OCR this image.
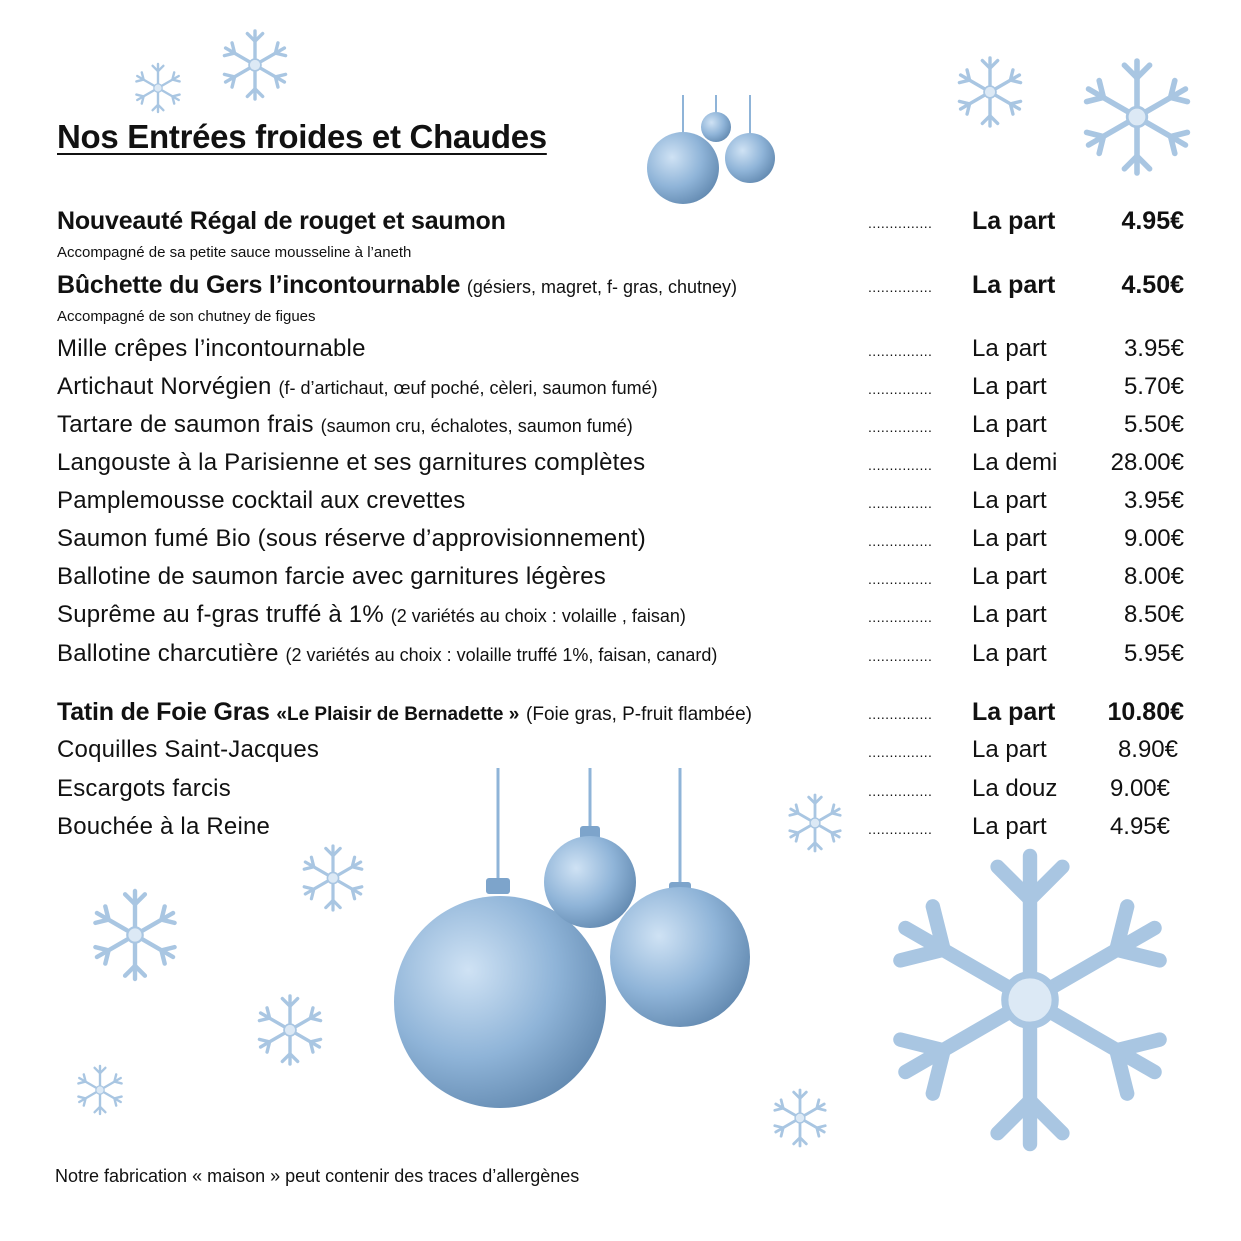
Nos Entrées froides et Chaudes
Nouveauté Régal de rouget et saumon	............... La part	4.95€
Accompagné de sa petite sauce mousseline à l’aneth
Bûchette du Gers l’incontournable (gésiers, magret, f- gras, chutney)	............... La part	4.50€
Accompagné de son chutney de figues
Mille crêpes l’incontournable	............... La part	3.95€
Artichaut Norvégien (f- d’artichaut, œuf poché, cèleri, saumon fumé)	............... La part	5.70€
Tartare de saumon frais (saumon cru, échalotes, saumon fumé)	............... La part	5.50€
Langouste à la Parisienne et ses garnitures complètes	............... La demi 28.00€
Pamplemousse cocktail aux crevettes	............... La part	3.95€
Saumon fumé Bio (sous réserve d’approvisionnement)	............... La part	9.00€
Ballotine de saumon farcie avec garnitures légères	............... La part	8.00€
Suprême au f-gras truffé à 1% (2 variétés au choix : volaille , faisan)	............... La part	8.50€
Ballotine charcutière (2 variétés au choix : volaille truffé 1%, faisan, canard)	............... La part	5.95€
Tatin de Foie Gras «Le Plaisir de Bernadette » (Foie gras, P-fruit flambée)	............... La part 10.80€
Coquilles Saint-Jacques	............... La part	8.90€
Escargots farcis	............... La douz 9.00€
Bouchée à la Reine	............... La part	4.95€
Notre fabrication « maison » peut contenir des traces d’allergènes
